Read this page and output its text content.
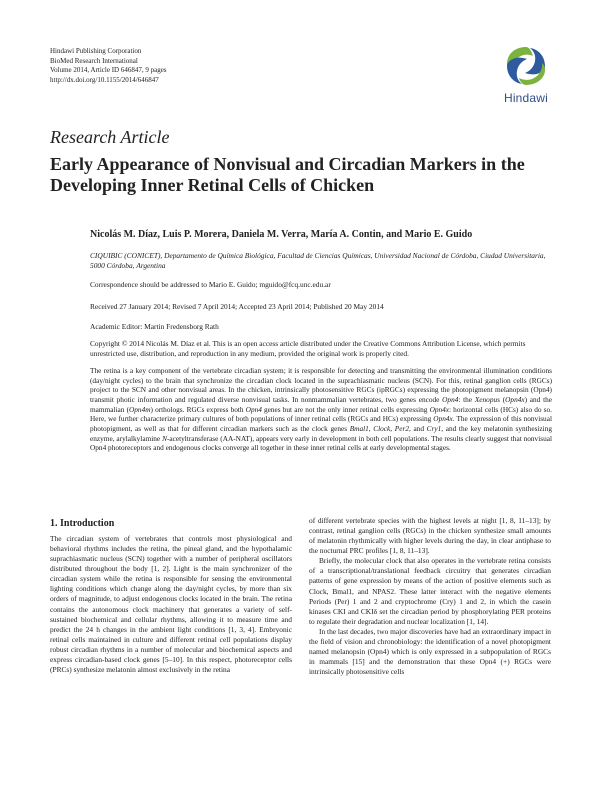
Hindawi Publishing Corporation
BioMed Research International
Volume 2014, Article ID 646847, 9 pages
http://dx.doi.org/10.1155/2014/646847
Hindawi
Research Article
Early Appearance of Nonvisual and Circadian Markers in the Developing Inner Retinal Cells of Chicken
Nicolás M. Díaz, Luis P. Morera, Daniela M. Verra, María A. Contin, and Mario E. Guido
CIQUIBIC (CONICET), Departamento de Química Biológica, Facultad de Ciencias Químicas, Universidad Nacional de Córdoba, Ciudad Universitaria, 5000 Córdoba, Argentina
Correspondence should be addressed to Mario E. Guido; mguido@fcq.unc.edu.ar
Received 27 January 2014; Revised 7 April 2014; Accepted 23 April 2014; Published 20 May 2014
Academic Editor: Martin Fredensborg Rath
Copyright © 2014 Nicolás M. Díaz et al. This is an open access article distributed under the Creative Commons Attribution License, which permits unrestricted use, distribution, and reproduction in any medium, provided the original work is properly cited.
The retina is a key component of the vertebrate circadian system; it is responsible for detecting and transmitting the environmental illumination conditions (day/night cycles) to the brain that synchronize the circadian clock located in the suprachiasmatic nucleus (SCN). For this, retinal ganglion cells (RGCs) project to the SCN and other nonvisual areas. In the chicken, intrinsically photosensitive RGCs (ipRGCs) expressing the photopigment melanopsin (Opn4) transmit photic information and regulated diverse nonvisual tasks. In nonmammalian vertebrates, two genes encode Opn4: the Xenopus (Opn4x) and the mammalian (Opn4m) orthologs. RGCs express both Opn4 genes but are not the only inner retinal cells expressing Opn4x: horizontal cells (HCs) also do so. Here, we further characterize primary cultures of both populations of inner retinal cells (RGCs and HCs) expressing Opn4x. The expression of this nonvisual photopigment, as well as that for different circadian markers such as the clock genes Bmal1, Clock, Per2, and Cry1, and the key melatonin synthesizing enzyme, arylalkylamine N-acetyltransferase (AA-NAT), appears very early in development in both cell populations. The results clearly suggest that nonvisual Opn4 photoreceptors and endogenous clocks converge all together in these inner retinal cells at early developmental stages.
1. Introduction

The circadian system of vertebrates that controls most physiological and behavioral rhythms includes the retina, the pineal gland, and the hypothalamic suprachiasmatic nucleus (SCN) together with a number of peripheral oscillators distributed throughout the body [1, 2]. Light is the main synchronizer of the circadian system while the retina is responsible for sensing the environmental lighting conditions which change along the day/night cycles, by more than six orders of magnitude, to adjust endogenous clocks located in the brain. The retina contains the autonomous clock machinery that generates a variety of self-sustained biochemical and cellular rhythms, allowing it to measure time and predict the 24 h changes in the ambient light conditions [1, 3, 4]. Embryonic retinal cells maintained in culture and different retinal cell populations display robust circadian rhythms in a number of molecular and biochemical aspects and express circadian-based clock genes [5–10]. In this respect, photoreceptor cells (PRCs) synthesize melatonin almost exclusively in the retina

of different vertebrate species with the highest levels at night [1, 8, 11–13]; by contrast, retinal ganglion cells (RGCs) in the chicken synthesize small amounts of melatonin rhythmically with higher levels during the day, in clear antiphase to the nocturnal PRC profiles [1, 8, 11–13].

Briefly, the molecular clock that also operates in the vertebrate retina consists of a transcriptional/translational feedback circuitry that generates circadian patterns of gene expression by means of the action of positive elements such as Clock, Bmal1, and NPAS2. These latter interact with the negative elements Periods (Per) 1 and 2 and cryptochrome (Cry) 1 and 2, in which the casein kinases CKI and CKIδ set the circadian period by phosphorylating PER proteins to regulate their degradation and nuclear localization [1, 14].

In the last decades, two major discoveries have had an extraordinary impact in the field of vision and chronobiology: the identification of a novel photopigment named melanopsin (Opn4) which is only expressed in a subpopulation of RGCs in mammals [15] and the demonstration that these Opn4 (+) RGCs were intrinsically photosensitive cells
